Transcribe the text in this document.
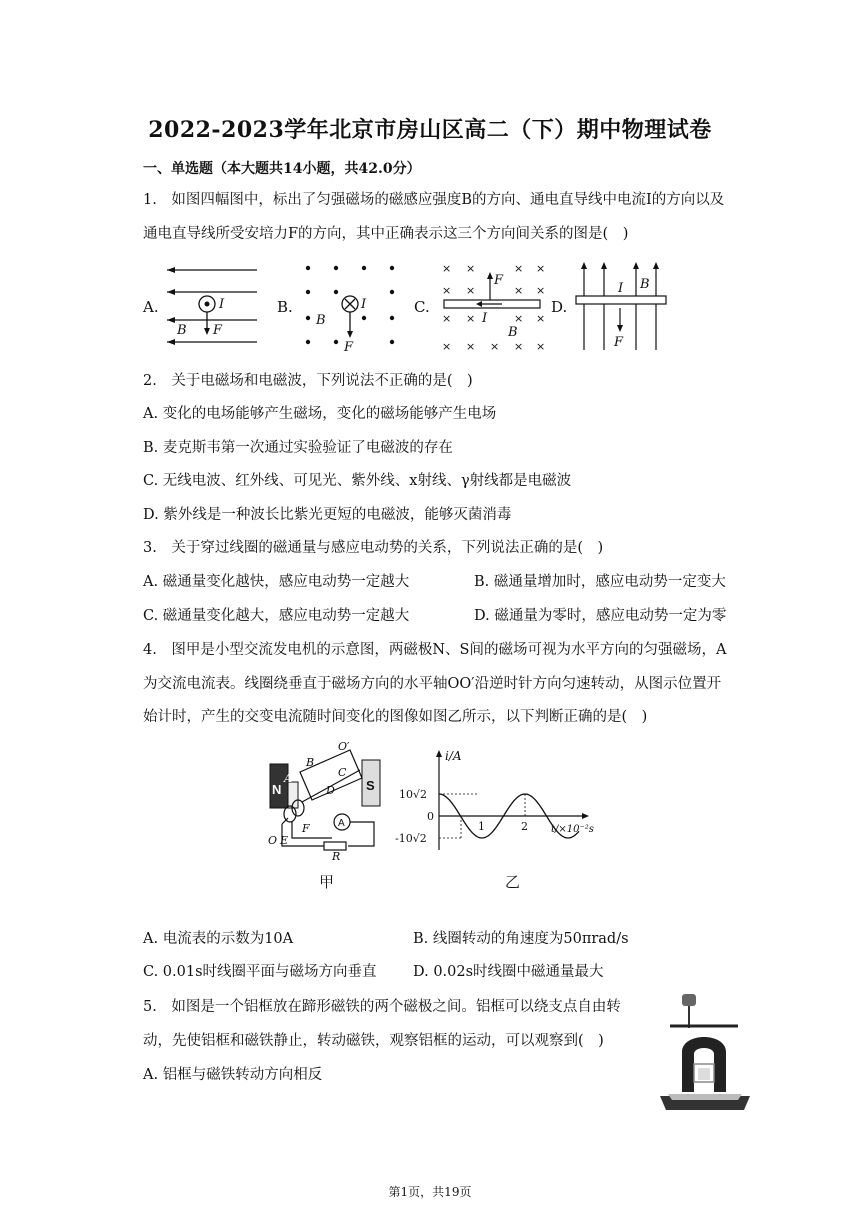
2022-2023学年北京市房山区高二（下）期中物理试卷
一、单选题（本大题共14小题，共42.0分）
1.　如图四幅图中，标出了匀强磁场的磁感应强度B的方向、通电直导线中电流I的方向以及
通电直导线所受安培力F的方向，其中正确表示这三个方向间关系的图是(　)
A.	I
B F
B.	I
B
F
C.
× ×	× ×
× ×	× ×
× ×	× ×
× × × × ×
F
I
B
D.
I B
F
2.　关于电磁场和电磁波，下列说法不正确的是(　)
A. 变化的电场能够产生磁场，变化的磁场能够产生电场
B. 麦克斯韦第一次通过实验验证了电磁波的存在
C. 无线电波、红外线、可见光、紫外线、x射线、γ射线都是电磁波
D. 紫外线是一种波长比紫光更短的电磁波，能够灭菌消毒
3.　关于穿过线圈的磁通量与感应电动势的关系，下列说法正确的是(　)
A. 磁通量变化越快，感应电动势一定越大	B. 磁通量增加时，感应电动势一定变大
C. 磁通量变化越大，感应电动势一定越大	D. 磁通量为零时，感应电动势一定为零
4.　图甲是小型交流发电机的示意图，两磁极N、S间的磁场可视为水平方向的匀强磁场，A
为交流电流表。线圈绕垂直于磁场方向的水平轴OO′沿逆时针方向匀速转动，从图示位置开
始计时，产生的交变电流随时间变化的图像如图乙所示，以下判断正确的是(　)
N	S
O′
B
A	C
D
F	A
O E
R
i/A
10√2
0
-10√2
1	2 t/×10⁻²s
甲	乙
A. 电流表的示数为10A	B. 线圈转动的角速度为50πrad/s
C. 0.01s时线圈平面与磁场方向垂直	D. 0.02s时线圈中磁通量最大
5.　如图是一个铝框放在蹄形磁铁的两个磁极之间。铝框可以绕支点自由转
动，先使铝框和磁铁静止，转动磁铁，观察铝框的运动，可以观察到(　)
A. 铝框与磁铁转动方向相反
第1页，共19页
